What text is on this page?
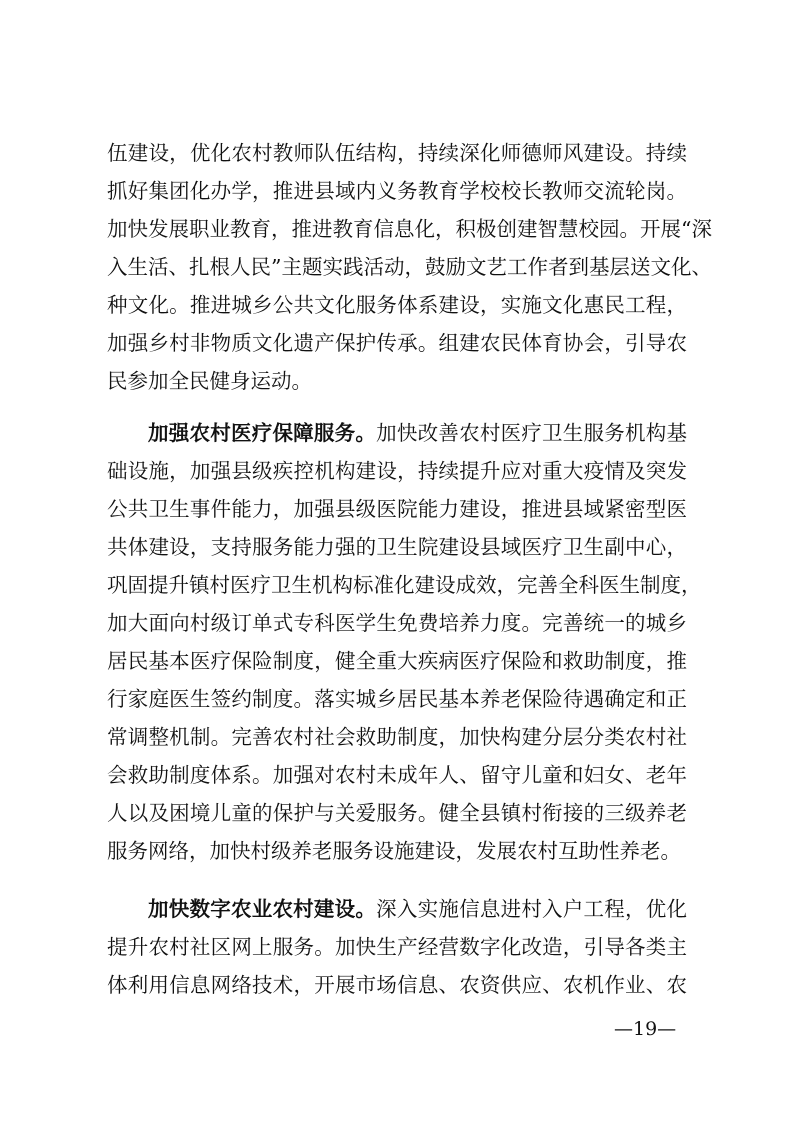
伍建设，优化农村教师队伍结构，持续深化师德师风建设。持续
抓好集团化办学，推进县域内义务教育学校校长教师交流轮岗。
加快发展职业教育，推进教育信息化，积极创建智慧校园。开展“深
入生活、扎根人民”主题实践活动，鼓励文艺工作者到基层送文化、
种文化。推进城乡公共文化服务体系建设，实施文化惠民工程，
加强乡村非物质文化遗产保护传承。组建农民体育协会，引导农
民参加全民健身运动。
加强农村医疗保障服务。加快改善农村医疗卫生服务机构基
础设施，加强县级疾控机构建设，持续提升应对重大疫情及突发
公共卫生事件能力，加强县级医院能力建设，推进县域紧密型医
共体建设，支持服务能力强的卫生院建设县域医疗卫生副中心，
巩固提升镇村医疗卫生机构标准化建设成效，完善全科医生制度，
加大面向村级订单式专科医学生免费培养力度。完善统一的城乡
居民基本医疗保险制度，健全重大疾病医疗保险和救助制度，推
行家庭医生签约制度。落实城乡居民基本养老保险待遇确定和正
常调整机制。完善农村社会救助制度，加快构建分层分类农村社
会救助制度体系。加强对农村未成年人、留守儿童和妇女、老年
人以及困境儿童的保护与关爱服务。健全县镇村衔接的三级养老
服务网络，加快村级养老服务设施建设，发展农村互助性养老。
加快数字农业农村建设。深入实施信息进村入户工程，优化
提升农村社区网上服务。加快生产经营数字化改造，引导各类主
体利用信息网络技术，开展市场信息、农资供应、农机作业、农
—19—
